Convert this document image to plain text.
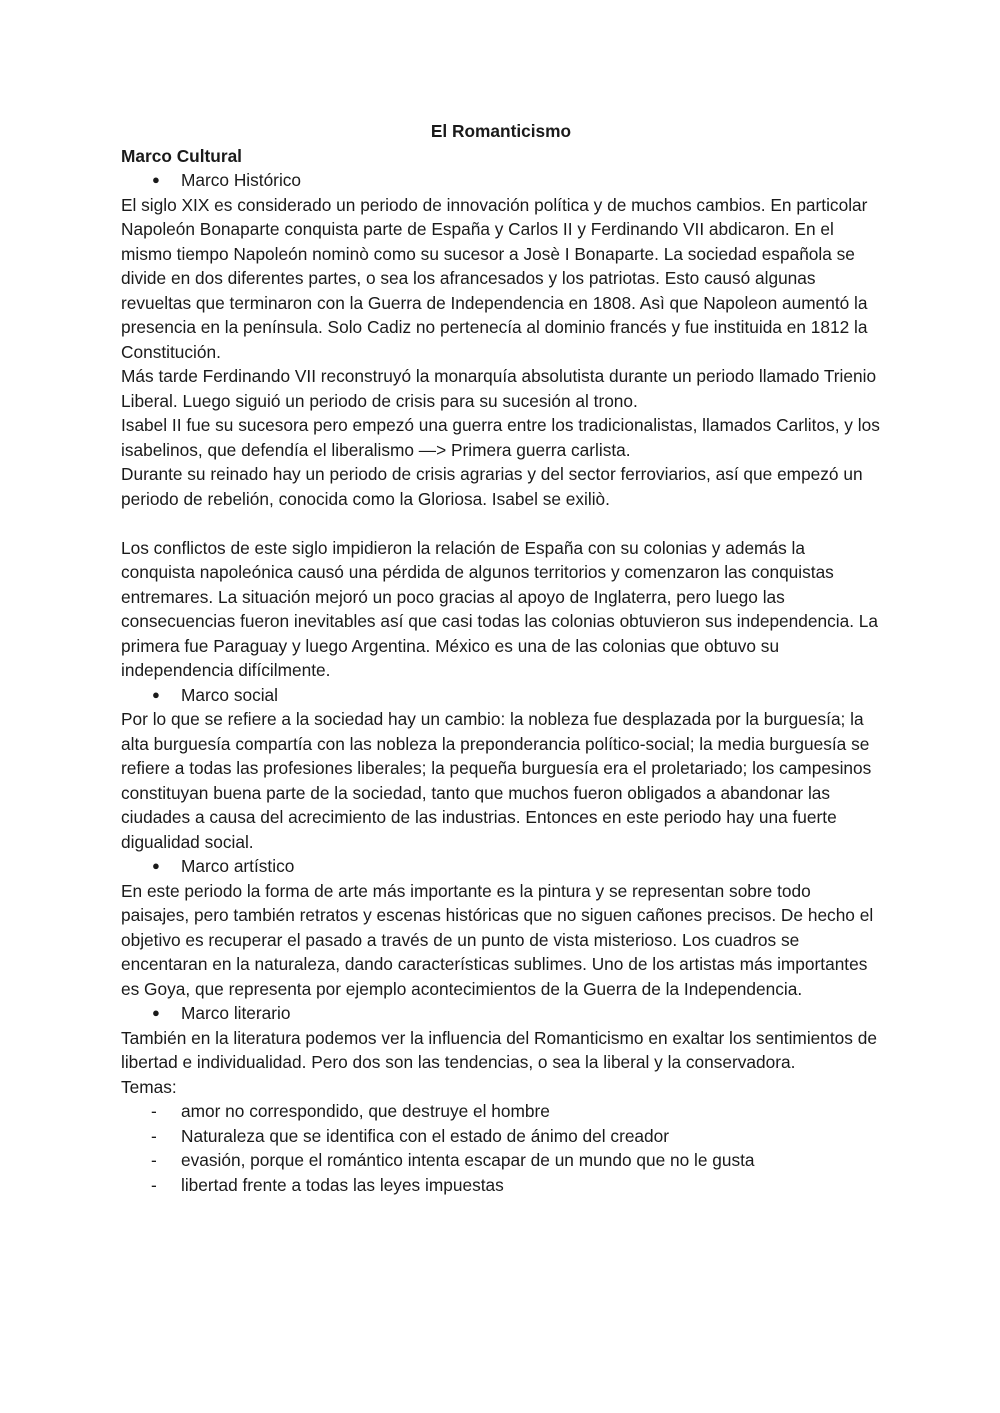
El Romanticismo

Marco Cultural

● Marco Histórico

El siglo XIX es considerado un periodo de innovación política y de muchos cambios. En particolar Napoleón Bonaparte conquista parte de España y Carlos II y Ferdinando VII abdicaron. En el mismo tiempo Napoleón nominò como su sucesor a Josè I Bonaparte. La sociedad española se divide en dos diferentes partes, o sea los afrancesados y los patriotas. Esto causó algunas revueltas que terminaron con la Guerra de Independencia en 1808. Asì que Napoleon aumentó la presencia en la península. Solo Cadiz no pertenecía al dominio francés y fue instituida en 1812 la Constitución.

Más tarde Ferdinando VII reconstruyó la monarquía absolutista durante un periodo llamado Trienio Liberal. Luego siguió un periodo de crisis para su sucesión al trono.

Isabel II fue su sucesora pero empezó una guerra entre los tradicionalistas, llamados Carlitos, y los isabelinos, que defendía el liberalismo —> Primera guerra carlista.

Durante su reinado hay un periodo de crisis agrarias y del sector ferroviarios, así que empezó un periodo de rebelión, conocida como la Gloriosa. Isabel se exiliò.

Los conflictos de este siglo impidieron la relación de España con su colonias y además la conquista napoleónica causó una pérdida de algunos territorios y comenzaron las conquistas entremares. La situación mejoró un poco gracias al apoyo de Inglaterra, pero luego las consecuencias fueron inevitables así que casi todas las colonias obtuvieron sus independencia. La primera fue Paraguay y luego Argentina. México es una de las colonias que obtuvo su independencia difícilmente.

● Marco social

Por lo que se refiere a la sociedad hay un cambio: la nobleza fue desplazada por la burguesía; la alta burguesía compartía con las nobleza la preponderancia político-social; la media burguesía se refiere a todas las profesiones liberales; la pequeña burguesía era el proletariado; los campesinos constituyan buena parte de la sociedad, tanto que muchos fueron obligados a abandonar las ciudades a causa del acrecimiento de las industrias. Entonces en este periodo hay una fuerte digualidad social.

● Marco artístico

En este periodo la forma de arte más importante es la pintura y se representan sobre todo paisajes, pero también retratos y escenas históricas que no siguen cañones precisos. De hecho el objetivo es recuperar el pasado a través de un punto de vista misterioso. Los cuadros se encentaran en la naturaleza, dando características sublimes. Uno de los artistas más importantes es Goya, que representa por ejemplo acontecimientos de la Guerra de la Independencia.

● Marco literario

También en la literatura podemos ver la influencia del Romanticismo en exaltar los sentimientos de libertad e individualidad. Pero dos son las tendencias, o sea la liberal y la conservadora.

Temas:

- amor no correspondido, que destruye el hombre
- Naturaleza que se identifica con el estado de ánimo del creador
- evasión, porque el romántico intenta escapar de un mundo que no le gusta
- libertad frente a todas las leyes impuestas
